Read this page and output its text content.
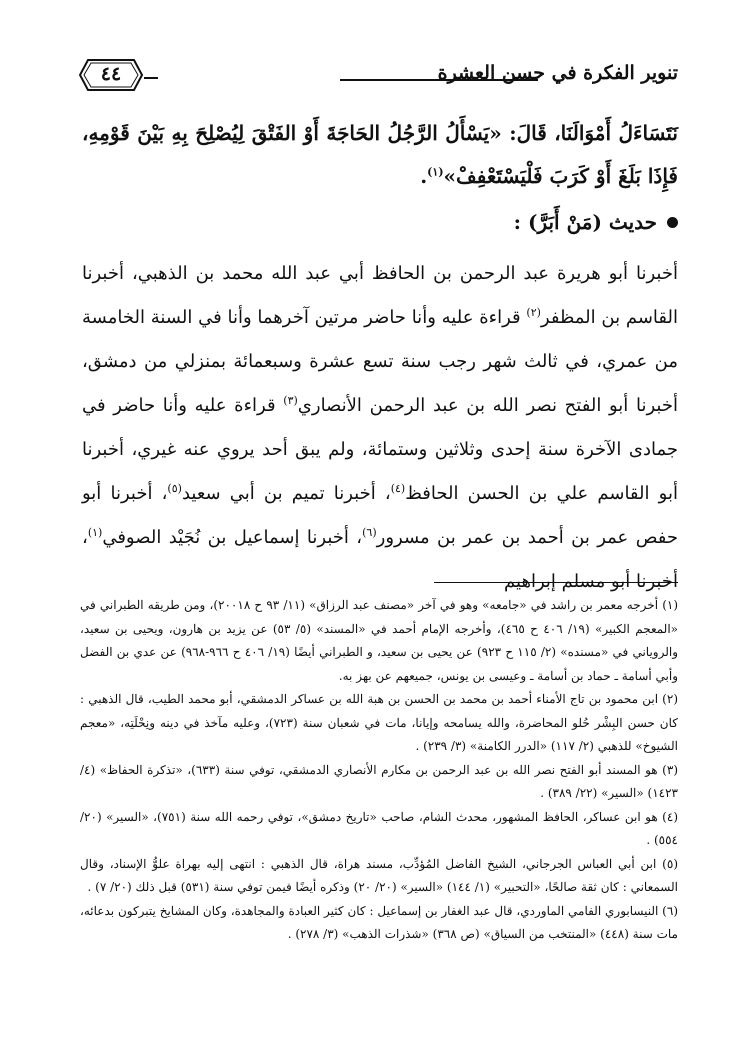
تنوير الفكرة في حسن العشرة
٤٤
نَتَسَاءَلُ أَمْوَالَنَا، قَالَ: «يَسْأَلُ الرَّجُلُ الحَاجَةَ أَوْ الفَتْقَ لِيُصْلِحَ بِهِ بَيْنَ قَوْمِهِ، فَإِذَا بَلَغَ أَوْ كَرَبَ فَلْيَسْتَعْفِفْ»$^{(١)}$.
حديث (مَنْ أَبَرَّ) :
أخبرنا أبو هريرة عبد الرحمن بن الحافظ أبي عبد الله محمد بن الذهبي، أخبرنا القاسم بن المظفر$^{(٢)}$ قراءة عليه وأنا حاضر مرتين آخرهما وأنا في السنة الخامسة من عمري، في ثالث شهر رجب سنة تسع عشرة وسبعمائة بمنزلي من دمشق، أخبرنا أبو الفتح نصر الله بن عبد الرحمن الأنصاري$^{(٣)}$ قراءة عليه وأنا حاضر في جمادى الآخرة سنة إحدى وثلاثين وستمائة، ولم يبق أحد يروي عنه غيري، أخبرنا أبو القاسم علي بن الحسن الحافظ$^{(٤)}$، أخبرنا تميم بن أبي سعيد$^{(٥)}$، أخبرنا أبو حفص عمر بن أحمد بن عمر بن مسرور$^{(٦)}$، أخبرنا إسماعيل بن نُجَيْد الصوفي$^{(١)}$، أخبرنا أبو مسلم إبراهيم

(١) أخرجه معمر بن راشد في «جامعه» وهو في آخر «مصنف عبد الرزاق» (١١/ ٩٣ ح ٢٠٠١٨)، ومن طريقه الطبراني في «المعجم الكبير» (١٩/ ٤٠٦ ح ٤٦٥)، وأخرجه الإمام أحمد في «المسند» (٥/ ٥٣) عن يزيد بن هارون، ويحيى بن سعيد، والروياني في «مسنده» (٢/ ١١٥ ح ٩٢٣) عن يحيى بن سعيد، و الطبراني أيضًا (١٩/ ٤٠٦ ح ٩٦٦-٩٦٨) عن عدي بن الفضل وأبي أسامة ـ حماد بن أسامة ـ وعيسى بن يونس، جميعهم عن بهز به.

(٢) ابن محمود بن تاج الأمناء أحمد بن محمد بن الحسن بن هبة الله بن عساكر الدمشقي، أبو محمد الطيب، قال الذهبي : كان حسن البِشْر حُلو المحاضرة، والله يسامحه وإيانا، مات في شعبان سنة (٧٢٣)، وعليه مآخذ في دينه ونِحْلَتِه، «معجم الشيوخ» للذهبي (٢/ ١١٧) «الدرر الكامنة» (٣/ ٢٣٩) .

(٣) هو المسند أبو الفتح نصر الله بن عبد الرحمن بن مكارم الأنصاري الدمشقي، توفي سنة (٦٣٣)، «تذكرة الحفاظ» (٤/ ١٤٢٣) «السير» (٢٢/ ٣٨٩) .

(٤) هو ابن عساكر، الحافظ المشهور، محدث الشام، صاحب «تاريخ دمشق»، توفي رحمه الله سنة (٧٥١)، «السير» (٢٠/ ٥٥٤) .

(٥) ابن أبي العباس الجرجاني، الشيخ الفاضل المُؤدِّب، مسند هراة، قال الذهبي : انتهى إليه بهراة علوُّ الإسناد، وقال السمعاني : كان ثقة صالحًا، «التحبير» (١/ ١٤٤) «السير» (٢٠/ ٢٠) وذكره أيضًا فيمن توفي سنة (٥٣١) قبل ذلك (٢٠/ ٧) .

(٦) النيسابوري الفامي الماوردي، قال عبد الغفار بن إسماعيل : كان كثير العبادة والمجاهدة، وكان المشايخ يتبركون بدعائه، مات سنة (٤٤٨) «المنتخب من السياق» (ص ٣٦٨) «شذرات الذهب» (٣/ ٢٧٨) .
